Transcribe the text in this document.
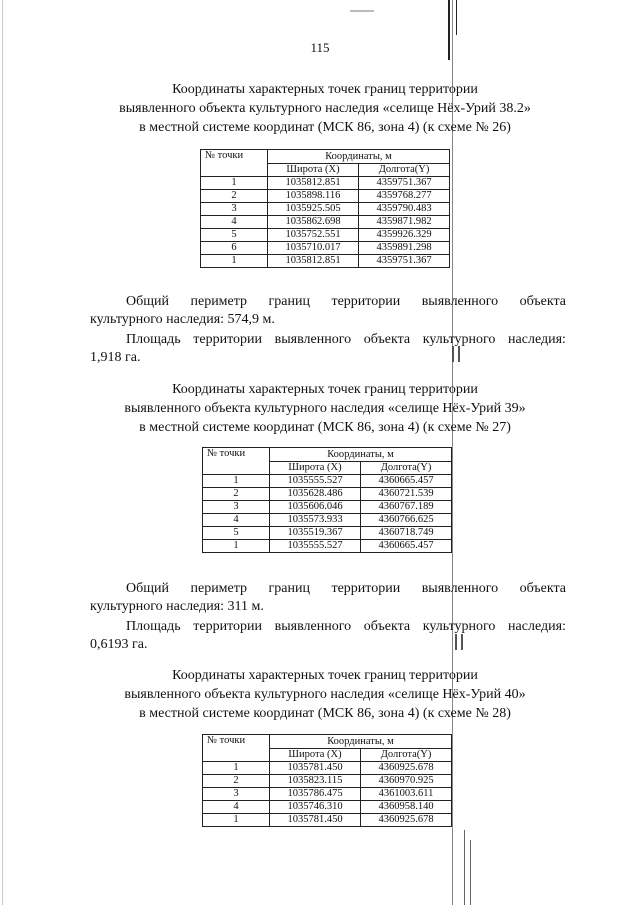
115
Координаты характерных точек границ территории
выявленного объекта культурного наследия «селище Нёх-Урий 38.2»
в местной системе координат (МСК 86, зона 4) (к схеме № 26)
№ точки	Координаты, м	
	Широта (X)	Долгота(Y)
1	1035812.851	4359751.367
2	1035898.116	4359768.277
3	1035925.505	4359790.483
4	1035862.698	4359871.982
5	1035752.551	4359926.329
6	1035710.017	4359891.298
1	1035812.851	4359751.367
Общий периметр границ территории выявленного объекта
культурного наследия: 574,9 м.
Площадь территории выявленного объекта культурного наследия:
1,918 га.
Координаты характерных точек границ территории
выявленного объекта культурного наследия «селище Нёх-Урий 39»
в местной системе координат (МСК 86, зона 4) (к схеме № 27)
№ точки	Координаты, м	
	Широта (X)	Долгота(Y)
1	1035555.527	4360665.457
2	1035628.486	4360721.539
3	1035606.046	4360767.189
4	1035573.933	4360766.625
5	1035519.367	4360718.749
1	1035555.527	4360665.457
Общий периметр границ территории выявленного объекта
культурного наследия: 311 м.
Площадь территории выявленного объекта культурного наследия:
0,6193 га.
Координаты характерных точек границ территории
выявленного объекта культурного наследия «селище Нёх-Урий 40»
в местной системе координат (МСК 86, зона 4) (к схеме № 28)
№ точки	Координаты, м	
	Широта (X)	Долгота(Y)
1	1035781.450	4360925.678
2	1035823.115	4360970.925
3	1035786.475	4361003.611
4	1035746.310	4360958.140
1	1035781.450	4360925.678
